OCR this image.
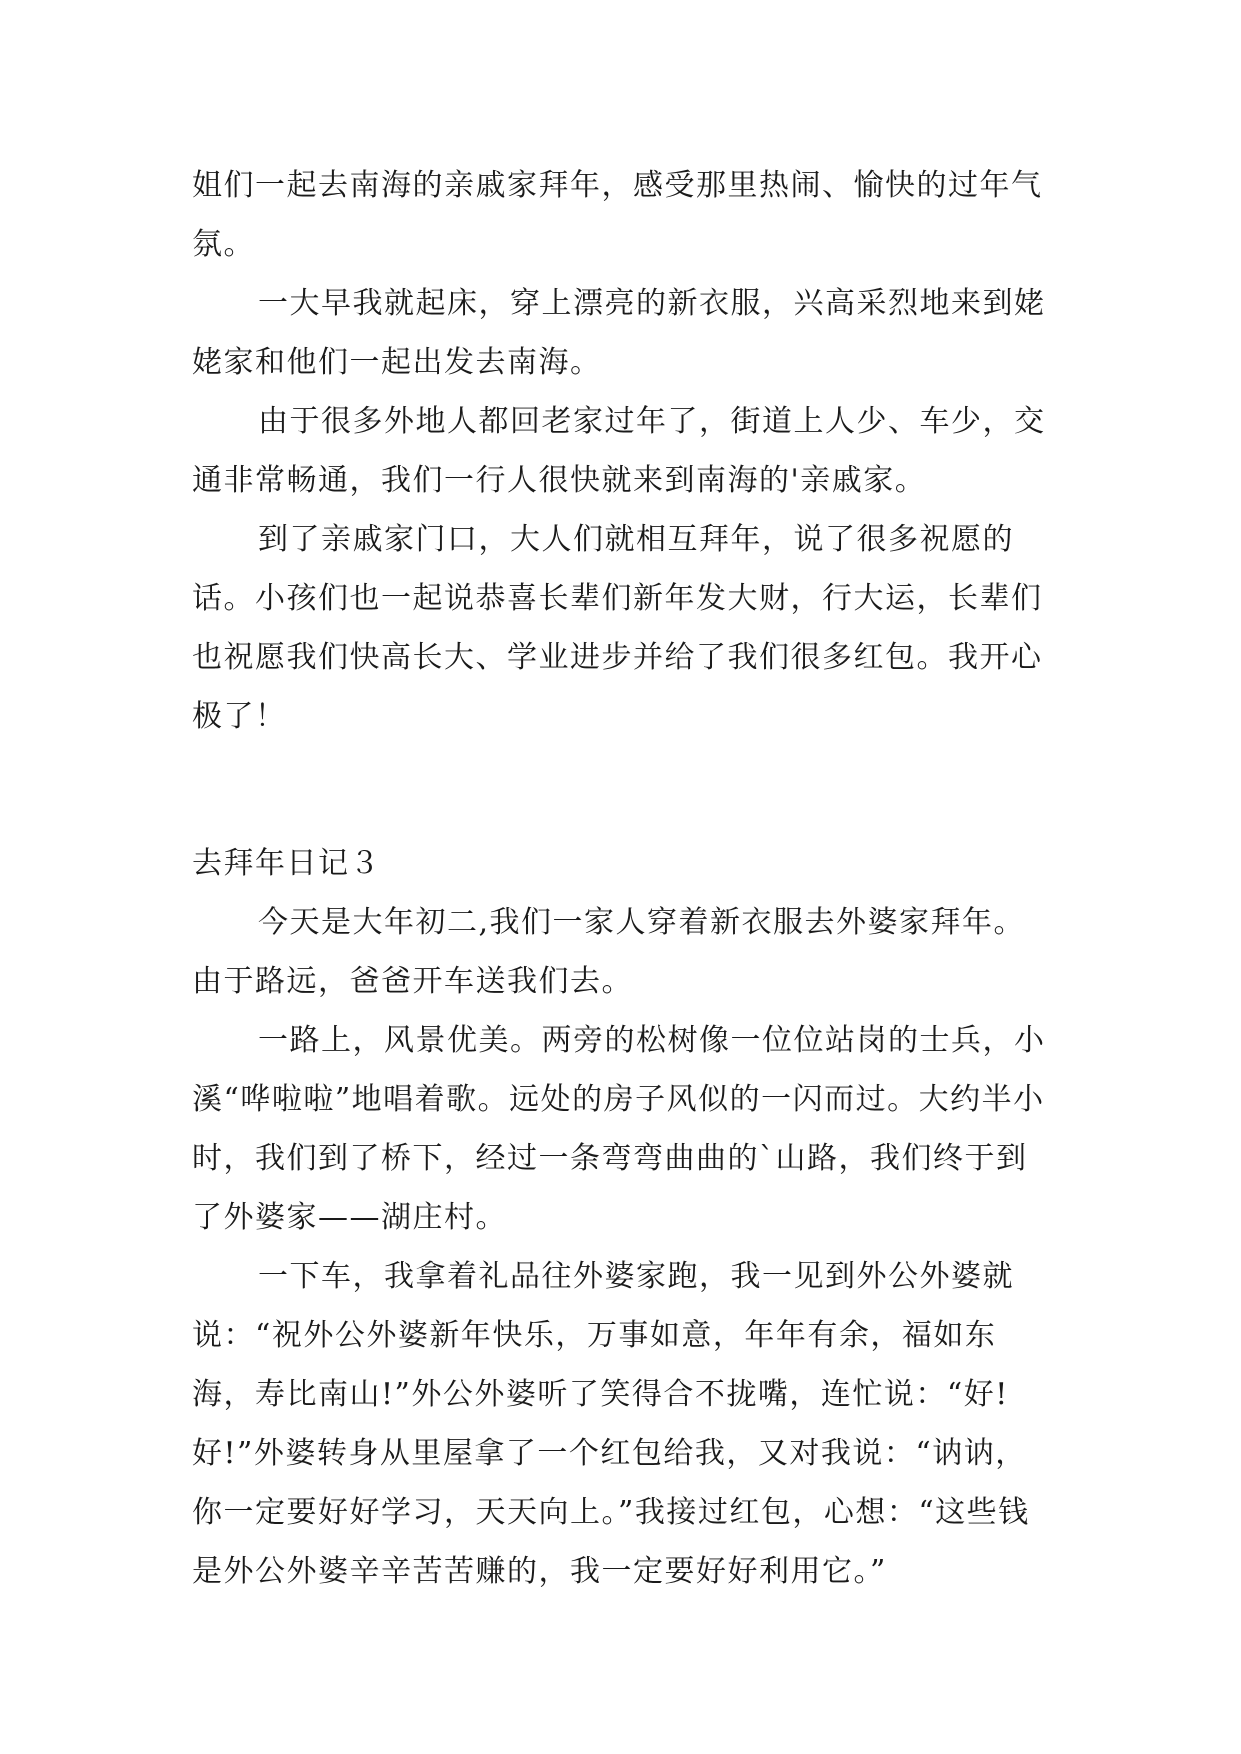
姐们一起去南海的亲戚家拜年，感受那里热闹、愉快的过年气氛。

一大早我就起床，穿上漂亮的新衣服，兴高采烈地来到姥姥家和他们一起出发去南海。

由于很多外地人都回老家过年了，街道上人少、车少，交通非常畅通，我们一行人很快就来到南海的'亲戚家。

到了亲戚家门口，大人们就相互拜年，说了很多祝愿的话。小孩们也一起说恭喜长辈们新年发大财，行大运，长辈们也祝愿我们快高长大、学业进步并给了我们很多红包。我开心极了！

去拜年日记３

今天是大年初二,我们一家人穿着新衣服去外婆家拜年。由于路远，爸爸开车送我们去。

一路上，风景优美。两旁的松树像一位位站岗的士兵，小溪“哗啦啦”地唱着歌。远处的房子风似的一闪而过。大约半小时，我们到了桥下，经过一条弯弯曲曲的`山路，我们终于到了外婆家——湖庄村。

一下车，我拿着礼品往外婆家跑，我一见到外公外婆就说：“祝外公外婆新年快乐，万事如意，年年有余，福如东海，寿比南山!”外公外婆听了笑得合不拢嘴，连忙说：“好!好!”外婆转身从里屋拿了一个红包给我，又对我说：“讷讷，你一定要好好学习，天天向上。”我接过红包，心想：“这些钱是外公外婆辛辛苦苦赚的，我一定要好好利用它。”
